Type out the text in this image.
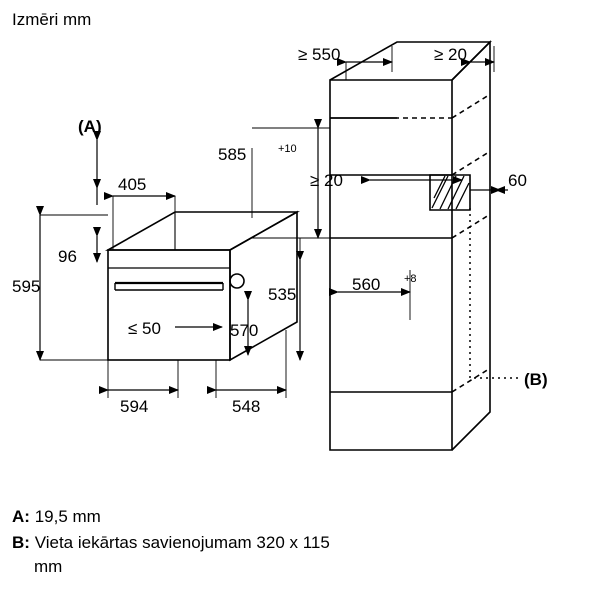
Izmēri mm
(A)
405
96
595
≤ 50	570
594	548
≥ 550	≥ 20
60
585	+10
≥ 20
535
560 +8
(B)
A: 19,5 mm
B: Vieta iekārtas savienojumam 320 x 115
mm
